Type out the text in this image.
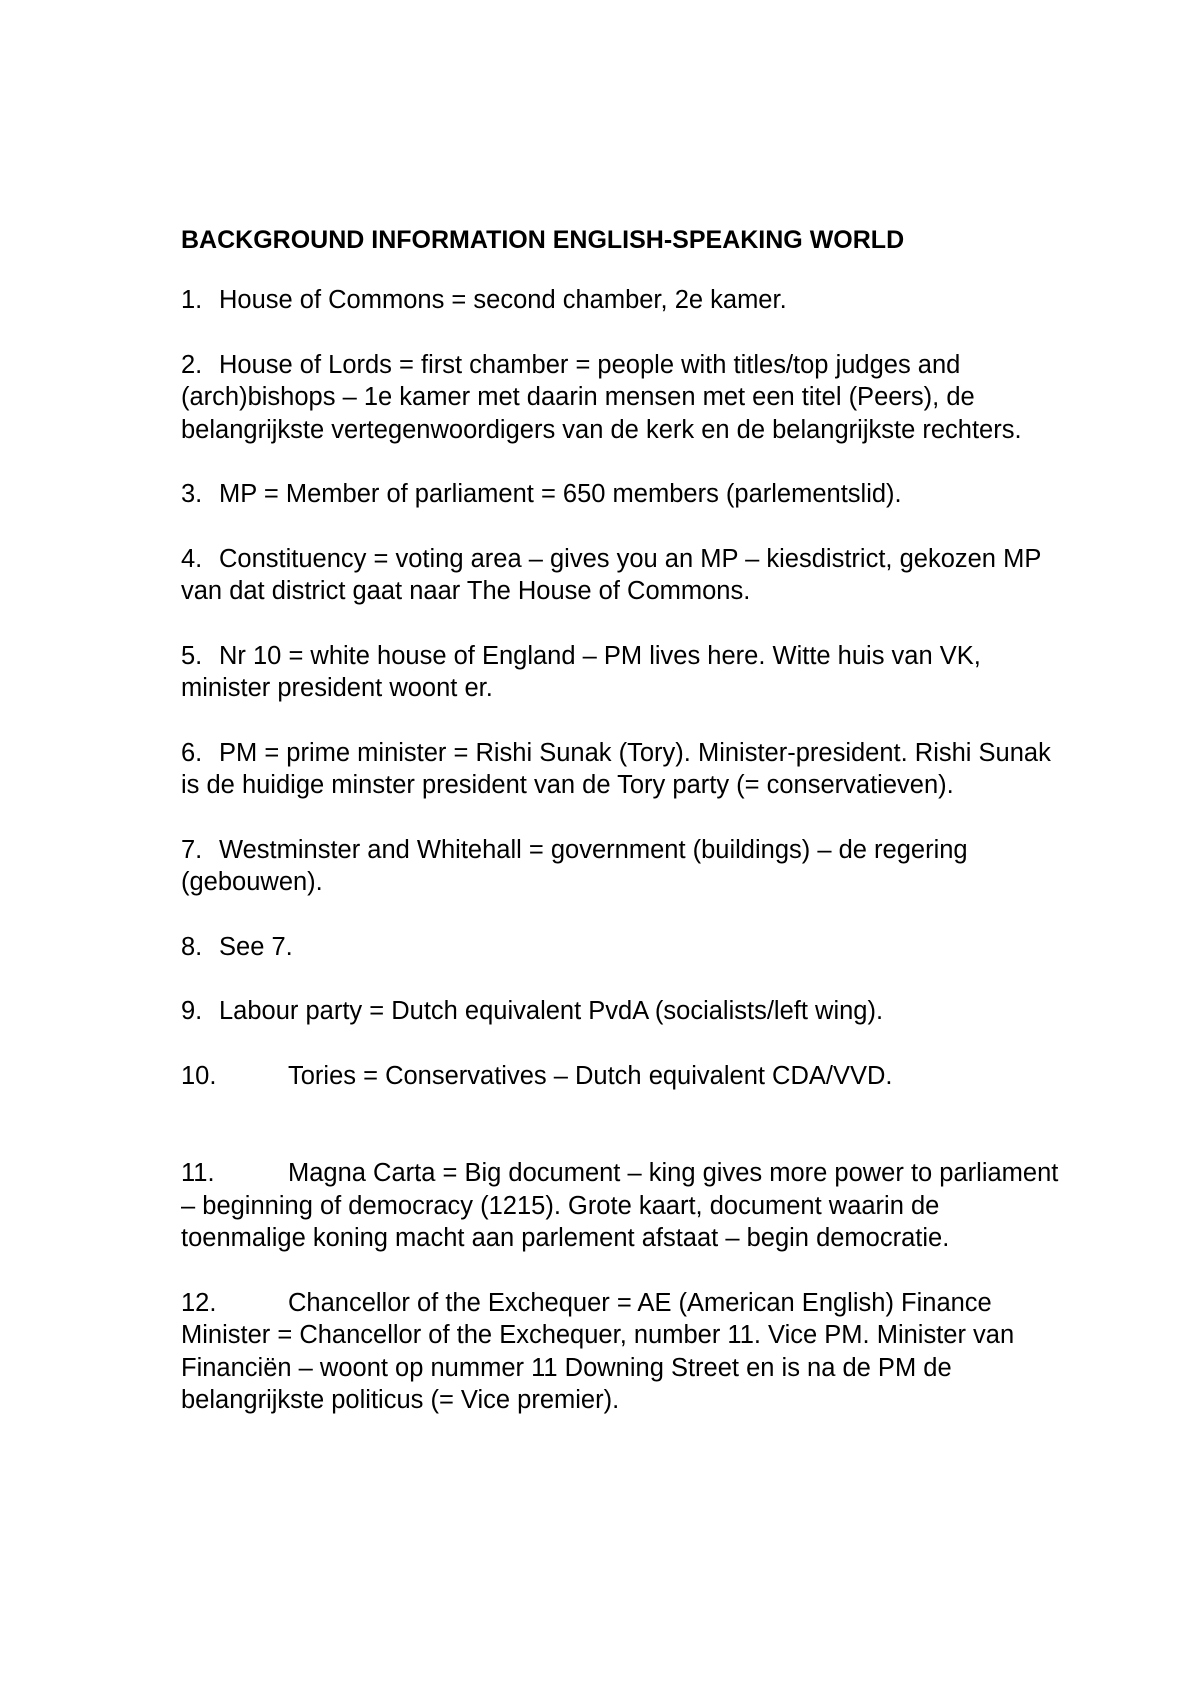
BACKGROUND INFORMATION ENGLISH-SPEAKING WORLD
1. House of Commons = second chamber, 2e kamer.
2. House of Lords = first chamber = people with titles/top judges and (arch)bishops – 1e kamer met daarin mensen met een titel (Peers), de belangrijkste vertegenwoordigers van de kerk en de belangrijkste rechters.
3. MP = Member of parliament = 650 members (parlementslid).
4. Constituency = voting area – gives you an MP – kiesdistrict, gekozen MP van dat district gaat naar The House of Commons.
5. Nr 10 = white house of England – PM lives here. Witte huis van VK, minister president woont er.
6. PM = prime minister = Rishi Sunak (Tory). Minister-president. Rishi Sunak is de huidige minster president van de Tory party (= conservatieven).
7. Westminster and Whitehall = government (buildings) – de regering (gebouwen).
8. See 7.
9. Labour party = Dutch equivalent PvdA (socialists/left wing).
10.	Tories = Conservatives – Dutch equivalent CDA/VVD.
11.	Magna Carta = Big document – king gives more power to parliament – beginning of democracy (1215). Grote kaart, document waarin de toenmalige koning macht aan parlement afstaat – begin democratie.
12.	Chancellor of the Exchequer = AE (American English) Finance Minister = Chancellor of the Exchequer, number 11. Vice PM. Minister van Financiën – woont op nummer 11 Downing Street en is na de PM de belangrijkste politicus (= Vice premier).
